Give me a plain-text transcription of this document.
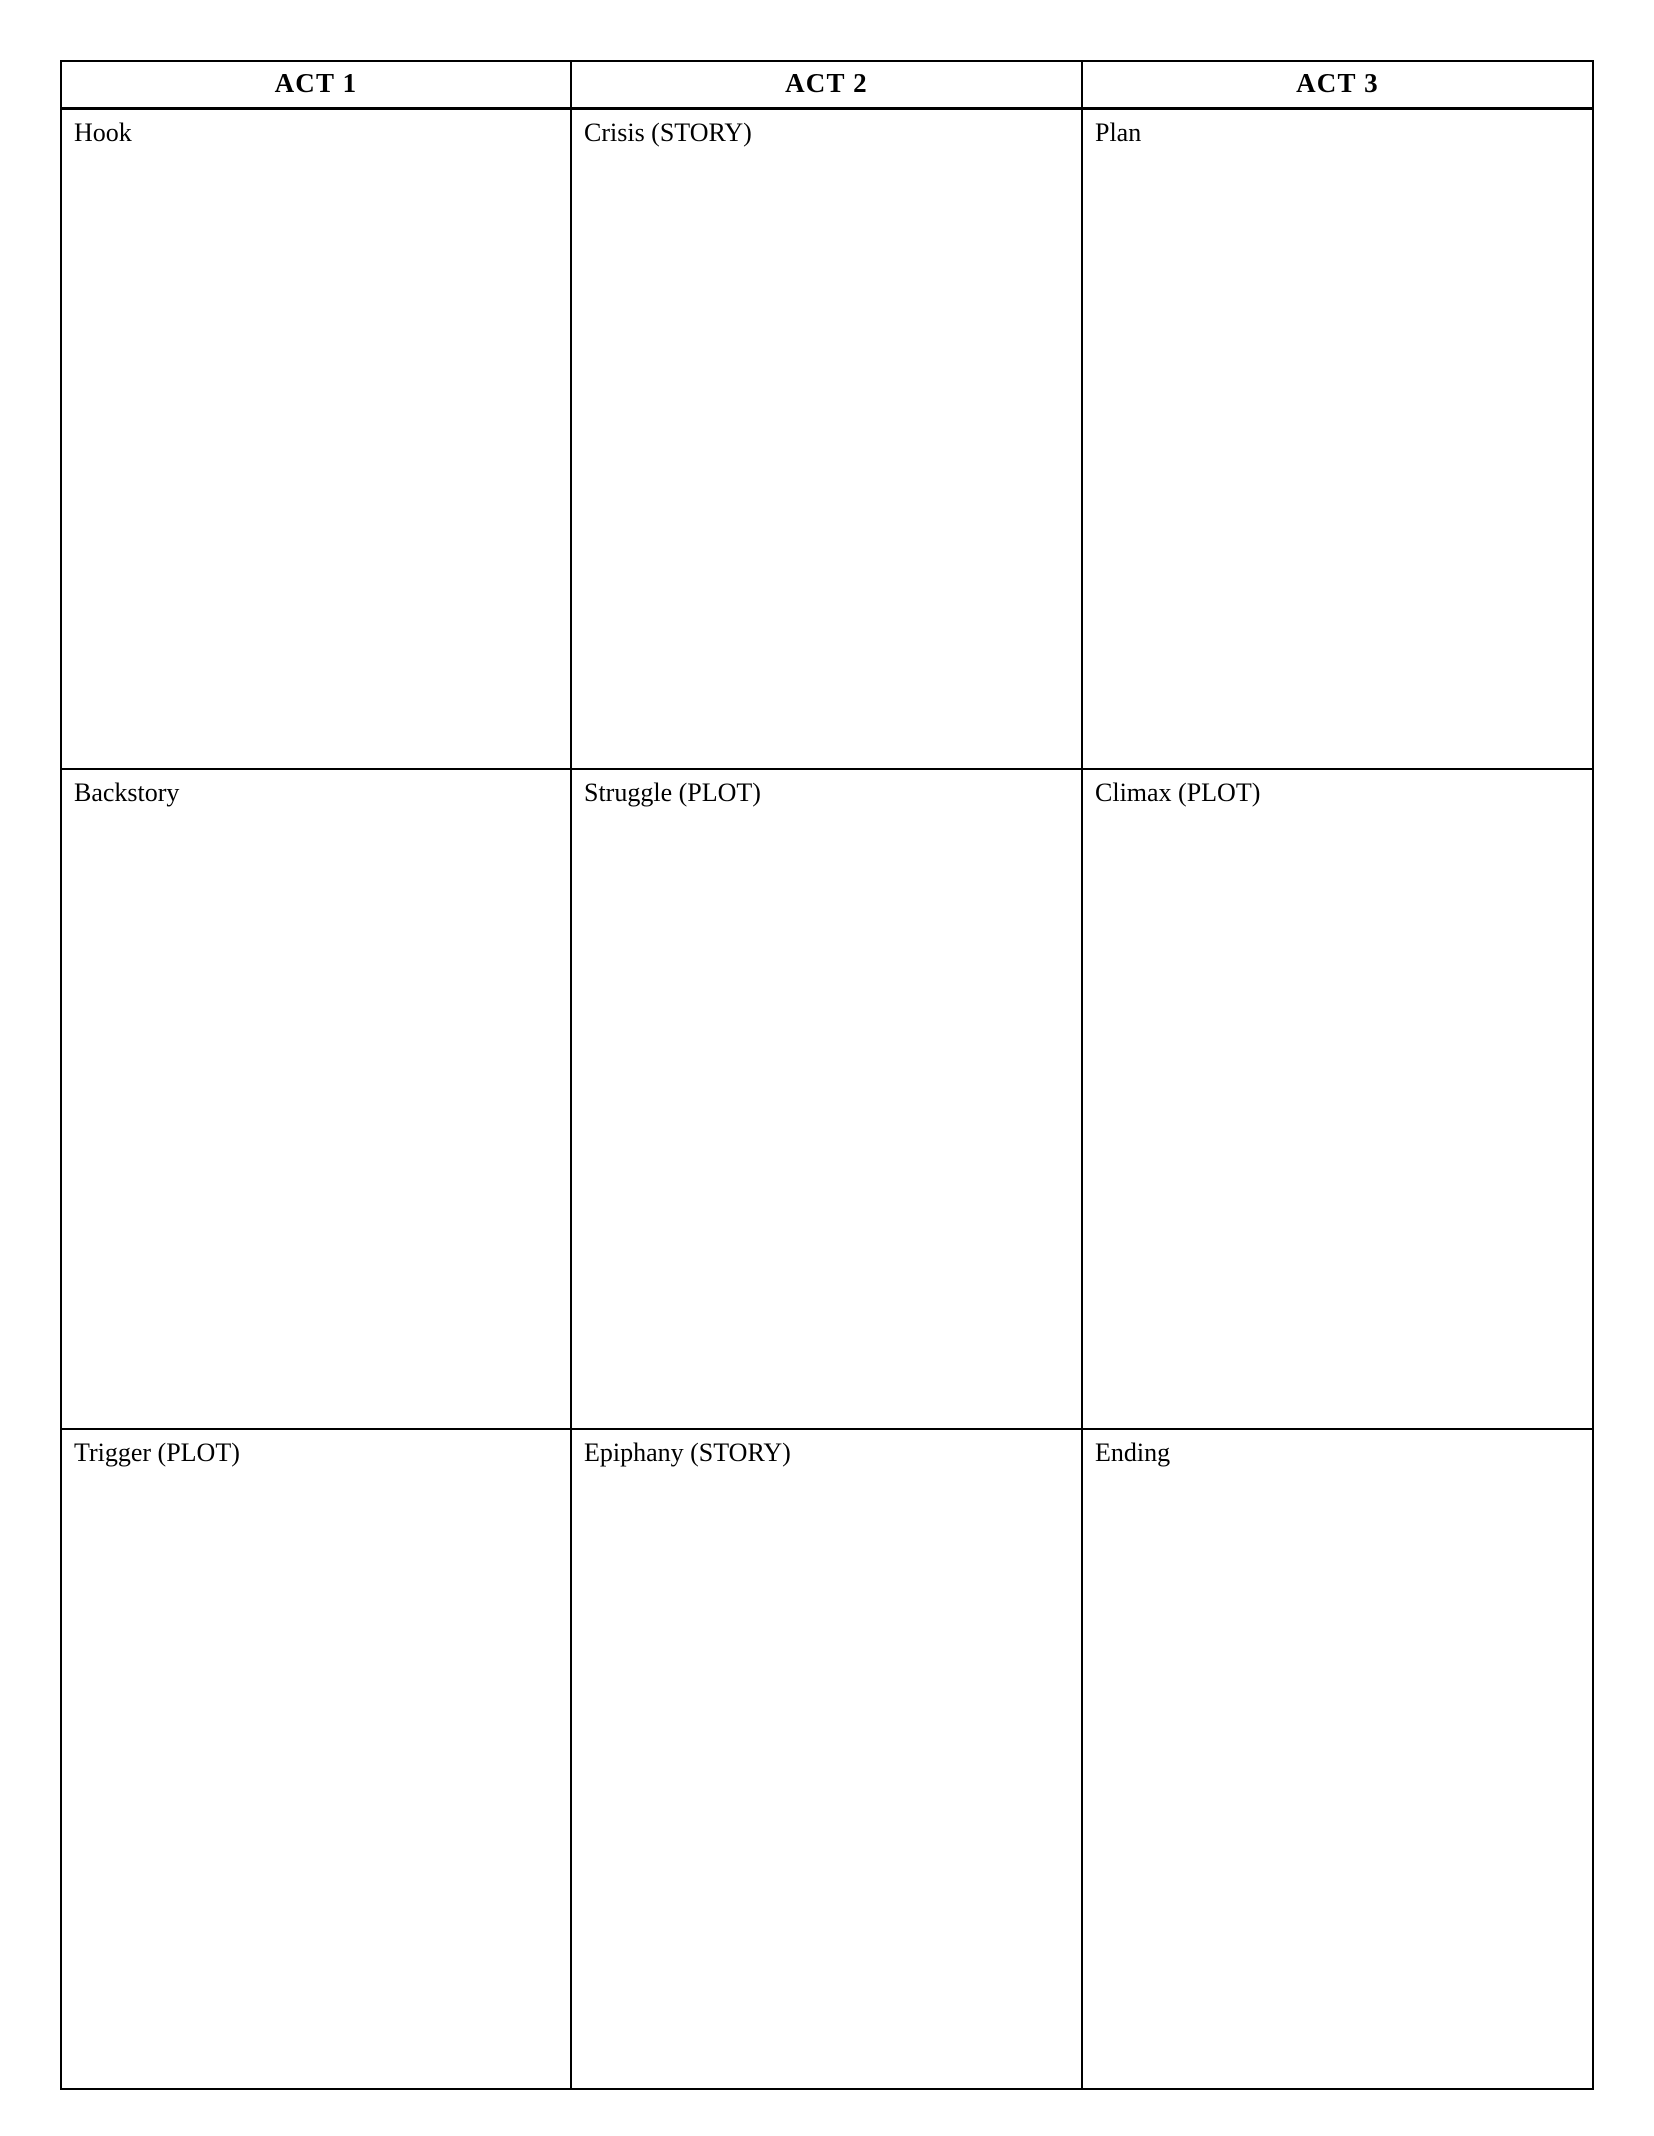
ACT 1	ACT 2	ACT 3

Hook	Crisis (STORY)	Plan

Backstory	Struggle (PLOT)	Climax (PLOT)

Trigger (PLOT)	Epiphany (STORY)	Ending
